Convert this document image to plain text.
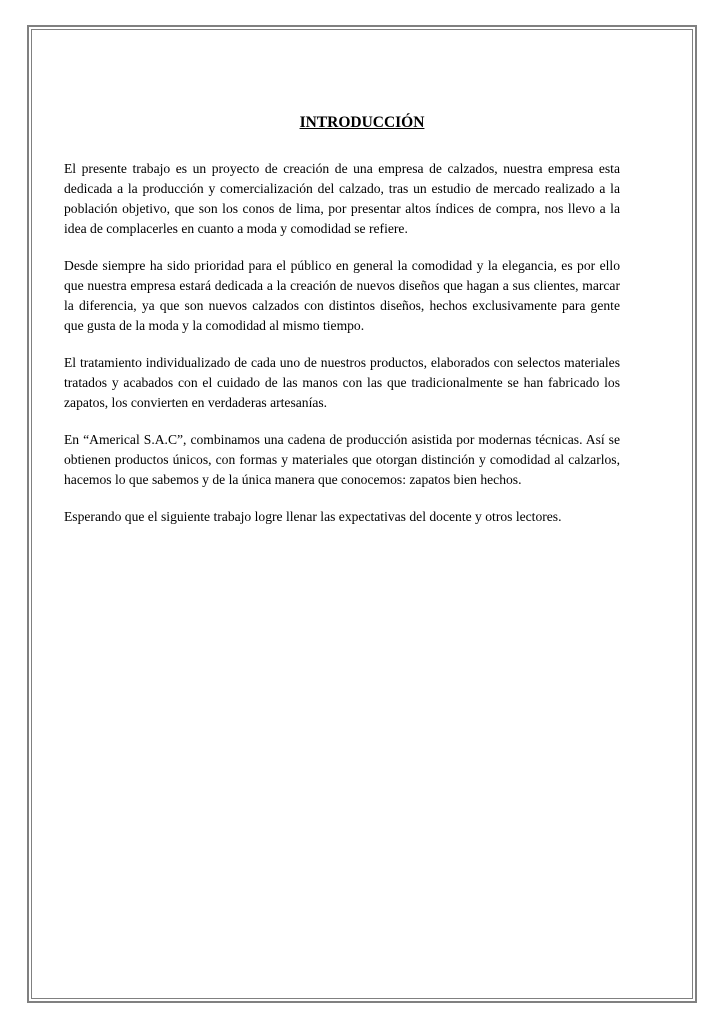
INTRODUCCIÓN

El presente trabajo es un proyecto de creación de una empresa de calzados, nuestra empresa esta dedicada a la producción y comercialización del calzado, tras un estudio de mercado realizado a la población objetivo, que son los conos de lima, por presentar altos índices de compra, nos llevo a la idea de complacerles en cuanto a moda y comodidad se refiere.

Desde siempre ha sido prioridad para el público en general la comodidad y la elegancia, es por ello que nuestra empresa estará dedicada a la creación de nuevos diseños que hagan a sus clientes, marcar la diferencia, ya que son nuevos calzados con distintos diseños, hechos exclusivamente para gente que gusta de la moda y la comodidad al mismo tiempo.

El tratamiento individualizado de cada uno de nuestros productos, elaborados con selectos materiales tratados y acabados con el cuidado de las manos con las que tradicionalmente se han fabricado los zapatos, los convierten en verdaderas artesanías.

En “Americal S.A.C”, combinamos una cadena de producción asistida por modernas técnicas. Así se obtienen productos únicos, con formas y materiales que otorgan distinción y comodidad al calzarlos, hacemos lo que sabemos y de la única manera que conocemos: zapatos bien hechos.

Esperando que el siguiente trabajo logre llenar las expectativas del docente y otros lectores.
